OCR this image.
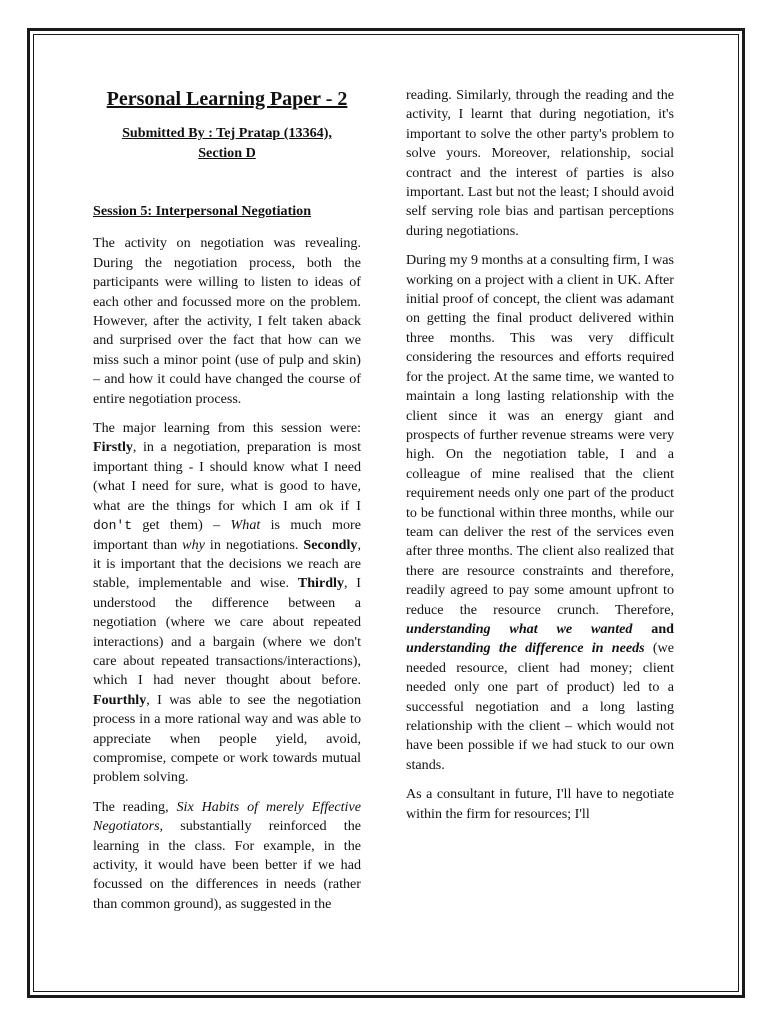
Personal Learning Paper - 2
Submitted By : Tej Pratap (13364),
Section D
Session 5: Interpersonal Negotiation

The activity on negotiation was revealing. During the negotiation process, both the participants were willing to listen to ideas of each other and focussed more on the problem. However, after the activity, I felt taken aback and surprised over the fact that how can we miss such a minor point (use of pulp and skin) – and how it could have changed the course of entire negotiation process.

The major learning from this session were: Firstly, in a negotiation, preparation is most important thing - I should know what I need (what I need for sure, what is good to have, what are the things for which I am ok if I don't get them) – What is much more important than why in negotiations. Secondly, it is important that the decisions we reach are stable, implementable and wise. Thirdly, I understood the difference between a negotiation (where we care about repeated interactions) and a bargain (where we don't care about repeated transactions/interactions), which I had never thought about before. Fourthly, I was able to see the negotiation process in a more rational way and was able to appreciate when people yield, avoid, compromise, compete or work towards mutual problem solving.

The reading, Six Habits of merely Effective Negotiators, substantially reinforced the learning in the class. For example, in the activity, it would have been better if we had focussed on the differences in needs (rather than common ground), as suggested in the

reading. Similarly, through the reading and the activity, I learnt that during negotiation, it's important to solve the other party's problem to solve yours. Moreover, relationship, social contract and the interest of parties is also important. Last but not the least; I should avoid self serving role bias and partisan perceptions during negotiations.

During my 9 months at a consulting firm, I was working on a project with a client in UK. After initial proof of concept, the client was adamant on getting the final product delivered within three months. This was very difficult considering the resources and efforts required for the project. At the same time, we wanted to maintain a long lasting relationship with the client since it was an energy giant and prospects of further revenue streams were very high. On the negotiation table, I and a colleague of mine realised that the client requirement needs only one part of the product to be functional within three months, while our team can deliver the rest of the services even after three months. The client also realized that there are resource constraints and therefore, readily agreed to pay some amount upfront to reduce the resource crunch. Therefore, understanding what we wanted and understanding the difference in needs (we needed resource, client had money; client needed only one part of product) led to a successful negotiation and a long lasting relationship with the client – which would not have been possible if we had stuck to our own stands.

As a consultant in future, I'll have to negotiate within the firm for resources; I'll
